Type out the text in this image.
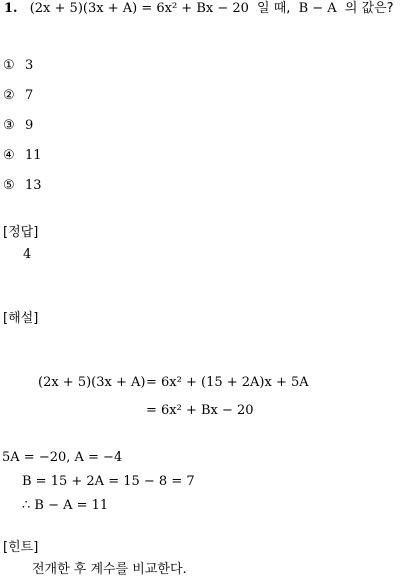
1. (2x + 5)(3x + A) = 6x² + Bx − 20 일 때, B − A 의 값은?
① 3
② 7
③ 9
④ 11
⑤ 13
[정답]
4
[해설]
(2x + 5)(3x + A) = 6x² + (15 + 2A)x + 5A
= 6x² + Bx − 20
5A = −20, A = −4
B = 15 + 2A = 15 − 8 = 7
∴ B − A = 11
[힌트]
전개한 후 계수를 비교한다.
